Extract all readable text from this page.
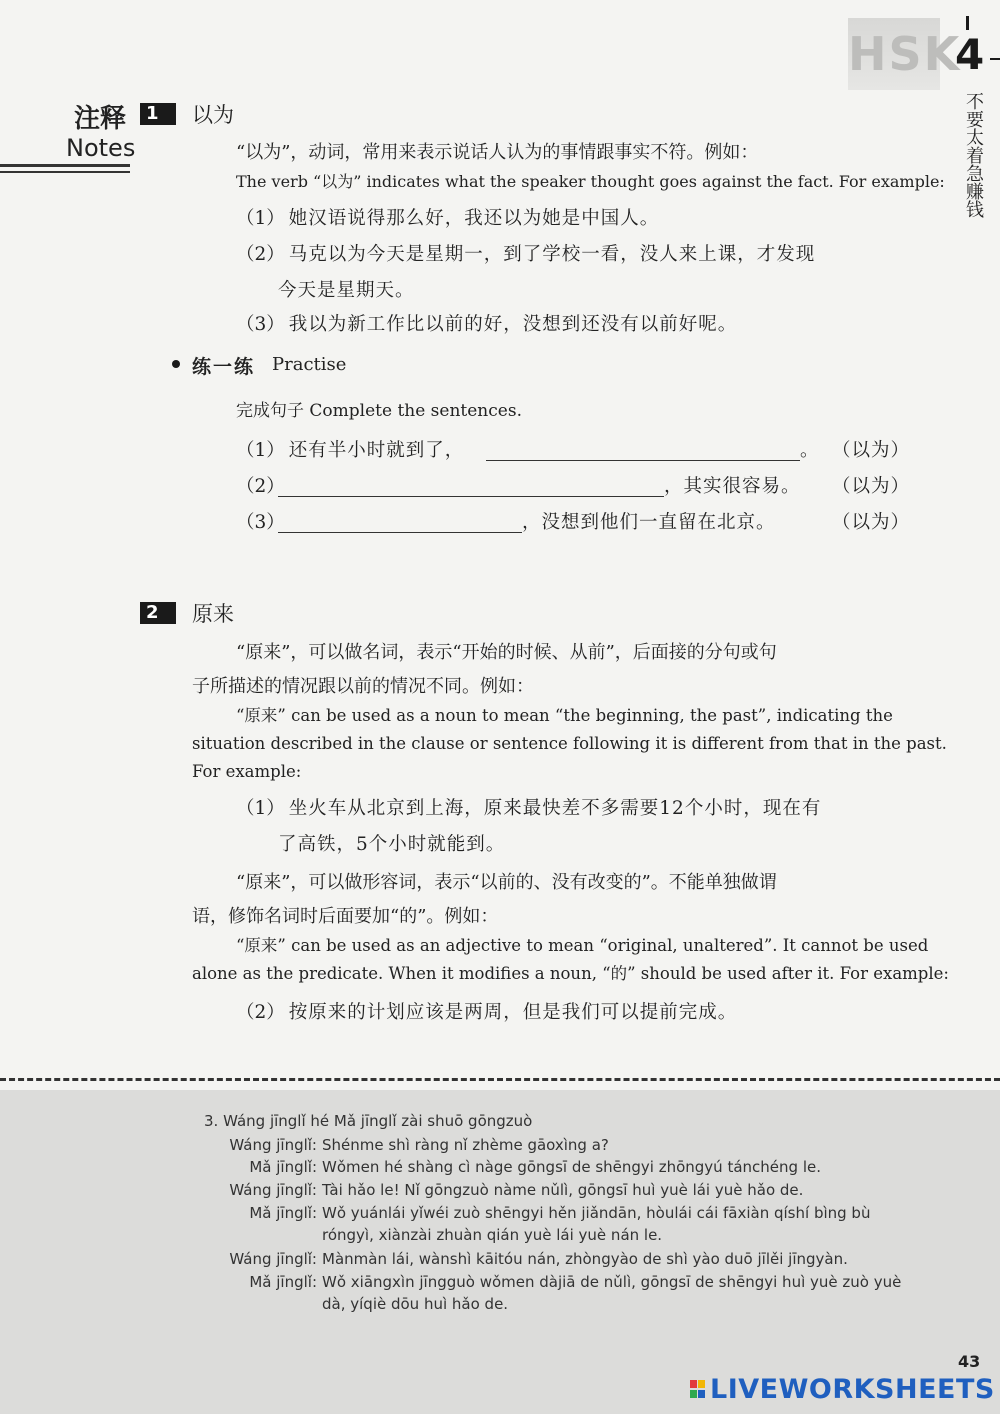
HSK
4
不要太着急赚钱
注释
Notes
1	以为
“以为”，动词，常用来表示说话人认为的事情跟事实不符。例如：
The verb “以为” indicates what the speaker thought goes against the fact. For example:
（1） 她汉语说得那么好，我还以为她是中国人。
（2） 马克以为今天是星期一，到了学校一看，没人来上课，才发现
今天是星期天。
（3） 我以为新工作比以前的好，没想到还没有以前好呢。
练一练 Practise
完成句子 Complete the sentences.
（1） 还有半小时就到了，	。 （以为）
（2）	，其实很容易。 （以为）
（3）	，没想到他们一直留在北京。	（以为）
2	原来
“原来”，可以做名词，表示“开始的时候、从前”，后面接的分句或句
子所描述的情况跟以前的情况不同。例如：
“原来” can be used as a noun to mean “the beginning, the past”, indicating the
situation described in the clause or sentence following it is different from that in the past.
For example:
（1） 坐火车从北京到上海，原来最快差不多需要12个小时，现在有
了高铁，5个小时就能到。
“原来”，可以做形容词，表示“以前的、没有改变的”。不能单独做谓
语，修饰名词时后面要加“的”。例如：
“原来” can be used as an adjective to mean “original, unaltered”. It cannot be used
alone as the predicate. When it modifies a noun, “的” should be used after it. For example:
（2） 按原来的计划应该是两周，但是我们可以提前完成。
3. Wáng jīnglǐ hé Mǎ jīnglǐ zài shuō gōngzuò
Wáng jīnglǐ: Shénme shì ràng nǐ zhème gāoxìng a?
Mǎ jīnglǐ: Wǒmen hé shàng cì nàge gōngsī de shēngyi zhōngyú tánchéng le.
Wáng jīnglǐ: Tài hǎo le! Nǐ gōngzuò nàme nǔlì, gōngsī huì yuè lái yuè hǎo de.
Mǎ jīnglǐ: Wǒ yuánlái yǐwéi zuò shēngyi hěn jiǎndān, hòulái cái fāxiàn qíshí bìng bù
róngyì, xiànzài zhuàn qián yuè lái yuè nán le.
Wáng jīnglǐ: Mànmàn lái, wànshì kāitóu nán, zhòngyào de shì yào duō jīlěi jīngyàn.
Mǎ jīnglǐ: Wǒ xiāngxìn jīngguò wǒmen dàjiā de nǔlì, gōngsī de shēngyi huì yuè zuò yuè
dà, yíqiè dōu huì hǎo de.
43
LIVEWORKSHEETS
